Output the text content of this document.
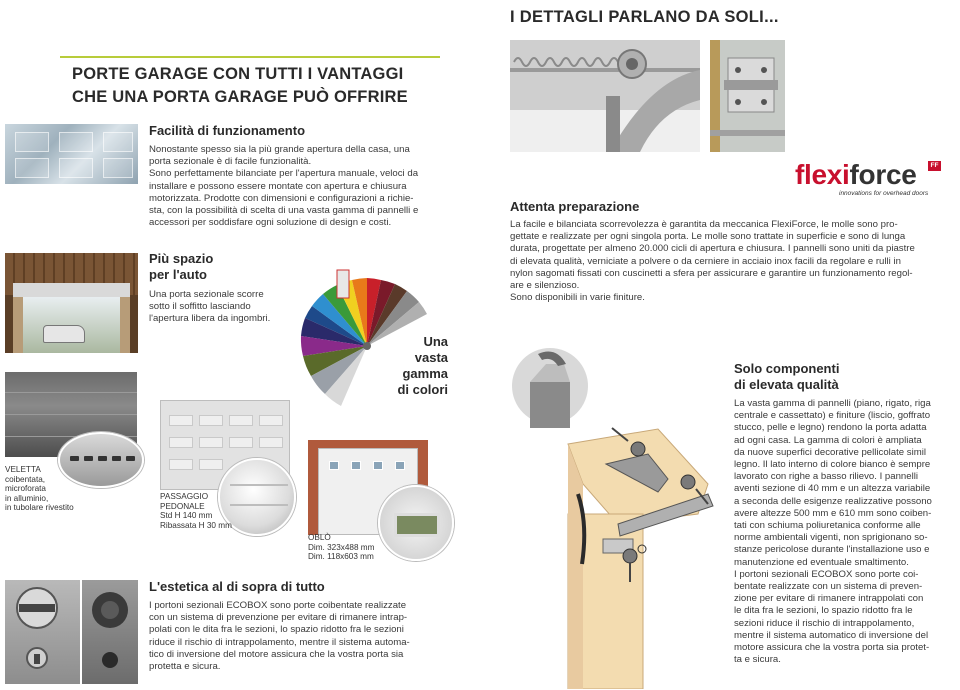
PORTE GARAGE CON TUTTI I VANTAGGI
CHE UNA PORTA GARAGE PUÒ OFFRIRE
Facilità di funzionamento
Nonostante spesso sia la più grande apertura della casa, una
porta sezionale è di facile funzionalità.
Sono perfettamente bilanciate per l'apertura manuale, veloci da
installare e possono essere montate con apertura e chiusura
motorizzata. Prodotte con dimensioni e configurazioni a richie-
sta, con la possibilità di scelta di una vasta gamma di pannelli e
accessori per soddisfare ogni soluzione di design e costi.
Più spazio
per l'auto
Una porta sezionale scorre
sotto il soffitto lasciando
l'apertura libera da ingombri.
Una
vasta
gamma
di colori
VELETTA
coibentata,
microforata
in alluminio,
in tubolare rivestito
PASSAGGIO
PEDONALE
Std H 140 mm
Ribassata H 30 mm
OBLÒ
Dim. 323x488 mm
Dim. 118x603 mm
L'estetica al di sopra di tutto
I portoni sezionali ECOBOX sono porte coibentate realizzate
con un sistema di prevenzione per evitare di rimanere intrap-
polati con le dita fra le sezioni, lo spazio ridotto fra le sezioni
riduce il rischio di intrappolamento, mentre il sistema automa-
tico di inversione del motore assicura che la vostra porta sia
protetta e sicura.
I DETTAGLI PARLANO DA SOLI...
flexiforce	FF
innovations for overhead doors
Attenta preparazione
La facile e bilanciata scorrevolezza è garantita da meccanica FlexiForce, le molle sono pro-
gettate e realizzate per ogni singola porta. Le molle sono trattate in superficie e sono di lunga
durata, progettate per almeno 20.000 cicli di apertura e chiusura. I pannelli sono uniti da piastre
di elevata qualità, verniciate a polvere o da cerniere in acciaio inox facili da regolare e rulli in
nylon sagomati fissati con cuscinetti a sfera per assicurare e garantire un funzionamento regol-
are e silenzioso.
Sono disponibili in varie finiture.
Solo componenti
di elevata qualità
La vasta gamma di pannelli (piano, rigato, riga
centrale e cassettato) e finiture (liscio, goffrato
stucco, pelle e legno) rendono la porta adatta
ad ogni casa. La gamma di colori è ampliata
da nuove superfici decorative pellicolate simil
legno. Il lato interno di colore bianco è sempre
lavorato con righe a basso rilievo. I pannelli
aventi sezione di 40 mm e un altezza variabile
a seconda delle esigenze realizzative possono
avere altezze 500 mm e 610 mm sono coiben-
tati con schiuma poliuretanica conforme alle
norme ambientali vigenti, non sprigionano so-
stanze pericolose durante l'installazione uso e
manutenzione ed eventuale smaltimento.
I portoni sezionali ECOBOX sono porte coi-
bentate realizzate con un sistema di preven-
zione per evitare di rimanere intrappolati con
le dita fra le sezioni, lo spazio ridotto fra le
sezioni riduce il rischio di intrappolamento,
mentre il sistema automatico di inversione del
motore assicura che la vostra porta sia protet-
ta e sicura.
